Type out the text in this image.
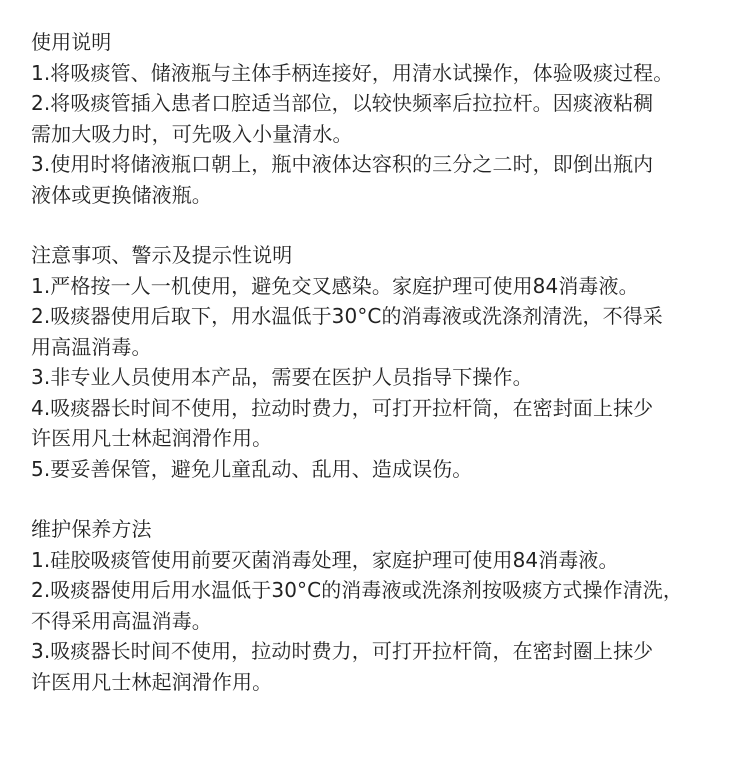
使用说明
1.将吸痰管、储液瓶与主体手柄连接好，用清水试操作，体验吸痰过程。
2.将吸痰管插入患者口腔适当部位，以较快频率后拉拉杆。因痰液粘稠
需加大吸力时，可先吸入小量清水。
3.使用时将储液瓶口朝上，瓶中液体达容积的三分之二时，即倒出瓶内
液体或更换储液瓶。
注意事项、警示及提示性说明
1.严格按一人一机使用，避免交叉感染。家庭护理可使用84消毒液。
2.吸痰器使用后取下，用水温低于30°C的消毒液或洗涤剂清洗，不得采
用高温消毒。
3.非专业人员使用本产品，需要在医护人员指导下操作。
4.吸痰器长时间不使用，拉动时费力，可打开拉杆筒，在密封面上抹少
许医用凡士林起润滑作用。
5.要妥善保管，避免儿童乱动、乱用、造成误伤。
维护保养方法
1.硅胶吸痰管使用前要灭菌消毒处理，家庭护理可使用84消毒液。
2.吸痰器使用后用水温低于30°C的消毒液或洗涤剂按吸痰方式操作清洗，
不得采用高温消毒。
3.吸痰器长时间不使用，拉动时费力，可打开拉杆筒，在密封圈上抹少
许医用凡士林起润滑作用。
